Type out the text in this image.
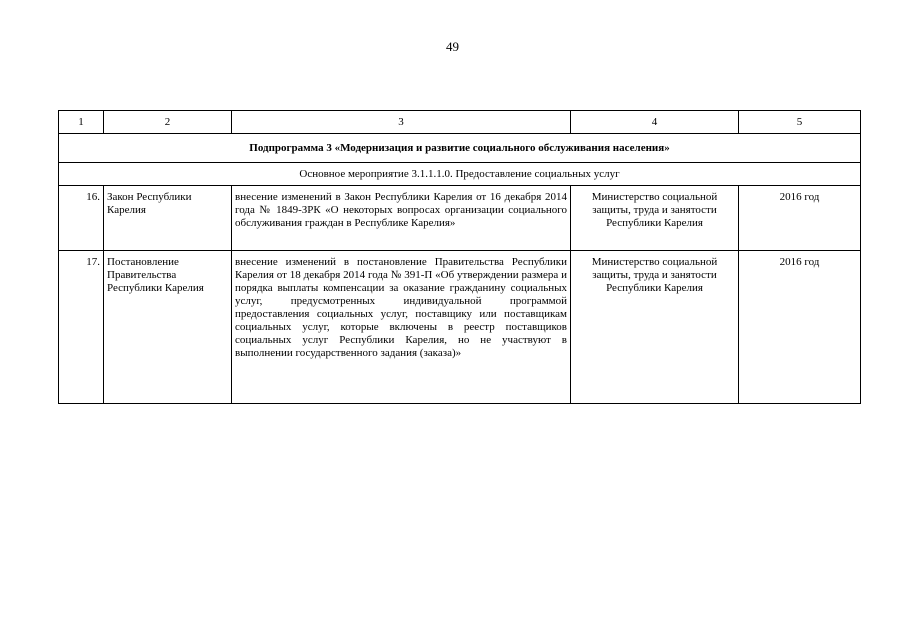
49
1	2	3	4	5
Подпрограмма 3 «Модернизация и развитие социального обслуживания населения»				
Основное мероприятие 3.1.1.1.0. Предоставление социальных услуг				
16.	Закон Республики Карелия	внесение изменений в Закон Республики Карелия от 16 декабря 2014 года № 1849-ЗРК «О некоторых вопросах организации социального обслуживания граждан в Республике Карелия»	Министерство социальной защиты, труда и занятости Республики Карелия	2016 год
17.	Постановление Правительства Республики Карелия	внесение изменений в постановление Правительства Республики Карелия от 18 декабря 2014 года № 391-П «Об утверждении размера и порядка выплаты компенсации за оказание гражданину социальных услуг, предусмотренных индивидуальной программой предоставления социальных услуг, поставщику или поставщикам социальных услуг, которые включены в реестр поставщиков социальных услуг Республики Карелия, но не участвуют в выполнении государственного задания (заказа)»	Министерство социальной защиты, труда и занятости Республики Карелия	2016 год
